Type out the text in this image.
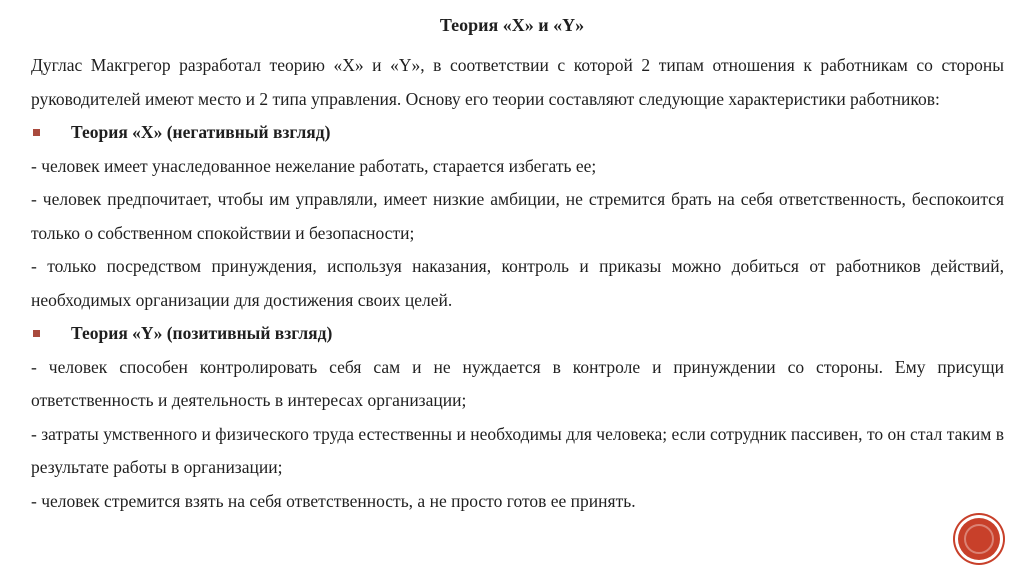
Теория «X» и «Y»

Дуглас Макгрегор разработал теорию «X» и «Y», в соответствии с которой 2 типам отношения к работникам со стороны руководителей имеют место и 2 типа управления. Основу его теории составляют следующие характеристики работников:

Теория «X» (негативный взгляд)

- человек имеет унаследованное нежелание работать, старается избегать ее;

- человек предпочитает, чтобы им управляли, имеет низкие амбиции, не стремится брать на себя ответственность, беспокоится только о собственном спокойствии и безопасности;

- только посредством принуждения, используя наказания, контроль и приказы можно добиться от работников действий, необходимых организации для достижения своих целей.

Теория «Y» (позитивный взгляд)

- человек способен контролировать себя сам и не нуждается в контроле и принуждении со стороны. Ему присущи ответственность и деятельность в интересах организации;

- затраты умственного и физического труда естественны и необходимы для человека; если сотрудник пассивен, то он стал таким в результате работы в организации;

- человек стремится взять на себя ответственность, а не просто готов ее принять.
